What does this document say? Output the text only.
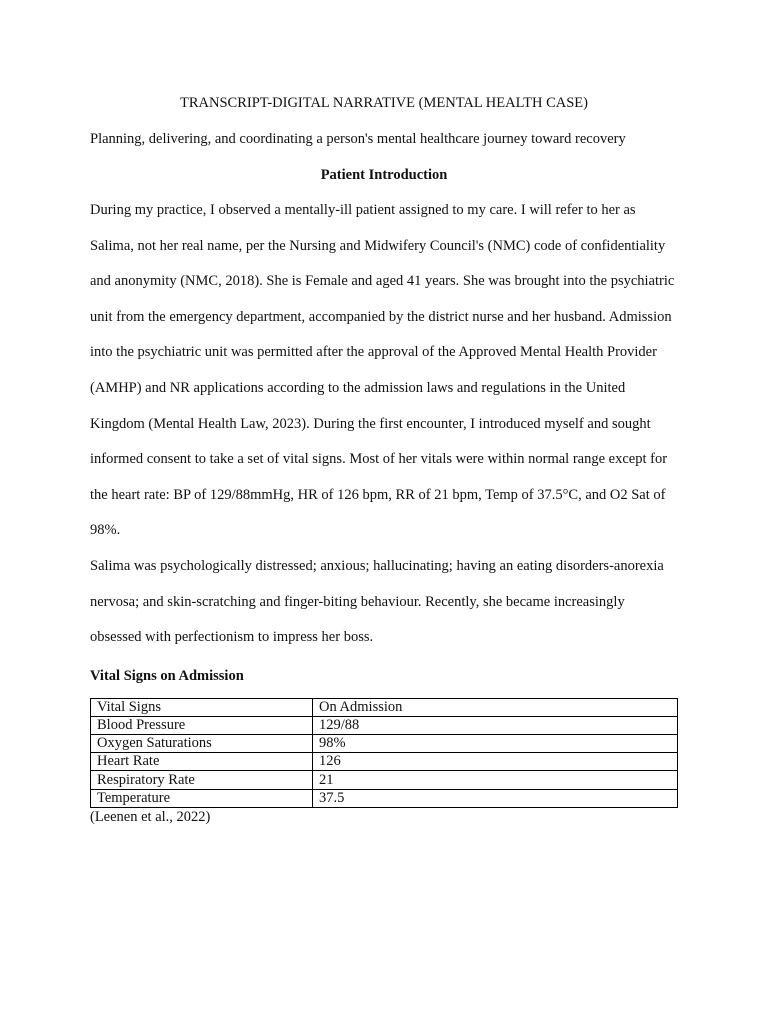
TRANSCRIPT-DIGITAL NARRATIVE (MENTAL HEALTH CASE)
Planning, delivering, and coordinating a person's mental healthcare journey toward recovery
Patient Introduction
During my practice, I observed a mentally-ill patient assigned to my care. I will refer to her as Salima, not her real name, per the Nursing and Midwifery Council's (NMC) code of confidentiality and anonymity (NMC, 2018). She is Female and aged 41 years. She was brought into the psychiatric unit from the emergency department, accompanied by the district nurse and her husband. Admission into the psychiatric unit was permitted after the approval of the Approved Mental Health Provider (AMHP) and NR applications according to the admission laws and regulations in the United Kingdom (Mental Health Law, 2023). During the first encounter, I introduced myself and sought informed consent to take a set of vital signs. Most of her vitals were within normal range except for the heart rate: BP of 129/88mmHg, HR of 126 bpm, RR of 21 bpm, Temp of 37.5°C, and O2 Sat of 98%.
Salima was psychologically distressed; anxious; hallucinating; having an eating disorders-anorexia nervosa; and skin-scratching and finger-biting behaviour. Recently, she became increasingly obsessed with perfectionism to impress her boss.
Vital Signs on Admission
Vital Signs	On Admission
Blood Pressure	129/88
Oxygen Saturations	98%
Heart Rate	126
Respiratory Rate	21
Temperature	37.5
(Leenen et al., 2022)
